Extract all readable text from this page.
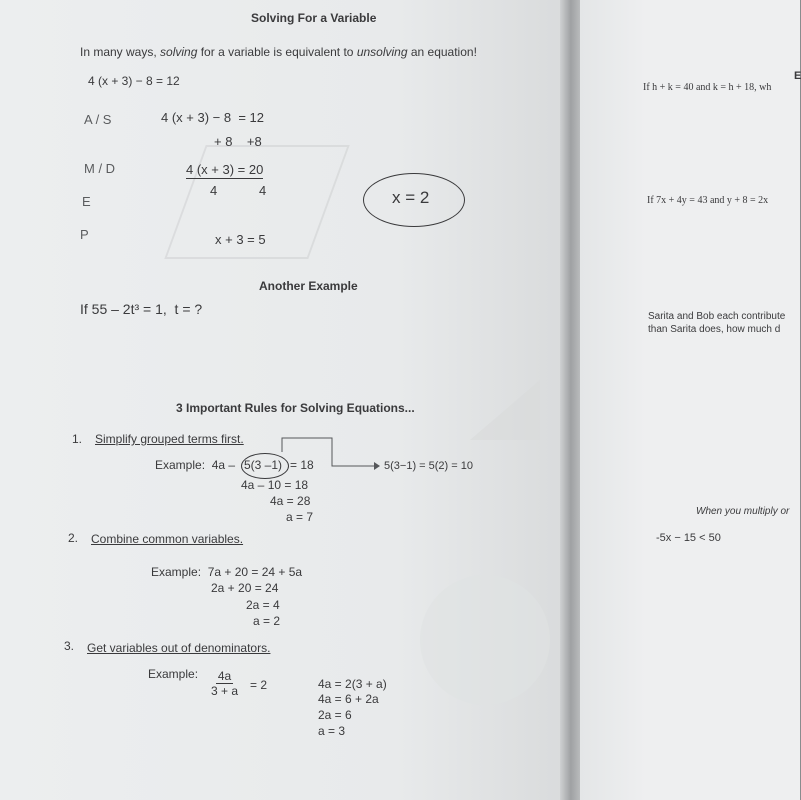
Solving For a Variable
In many ways, solving for a variable is equivalent to unsolving an equation!
4 (x + 3) − 8 = 12
A / S
M / D
E
P
4 (x + 3) − 8  = 12
+ 8    +8
4 (x + 3) = 20
4	4
x + 3 = 5
x = 2
Another Example
If 55 – 2t³ = 1,  t = ?
3 Important Rules for Solving Equations...
1. Simplify grouped terms first.
Example:  4a – 5(3 –1) = 18	5(3−1) = 5(2) = 10
4a – 10 = 18
4a = 28
a = 7
2. Combine common variables.
Example:  7a + 20 = 24 + 5a
2a + 20 = 24
2a = 4
a = 2
3. Get variables out of denominators.
Example: $\frac{4a}{3 + a} = 2$	4a = 2(3 + a)
4a = 6 + 2a
2a = 6
a = 3
E
If h + k = 40 and k = h + 18, wh
If 7x + 4y = 43 and y + 8 = 2x
Sarita and Bob each contribute
than Sarita does, how much d
When you multiply or
-5x − 15 < 50
